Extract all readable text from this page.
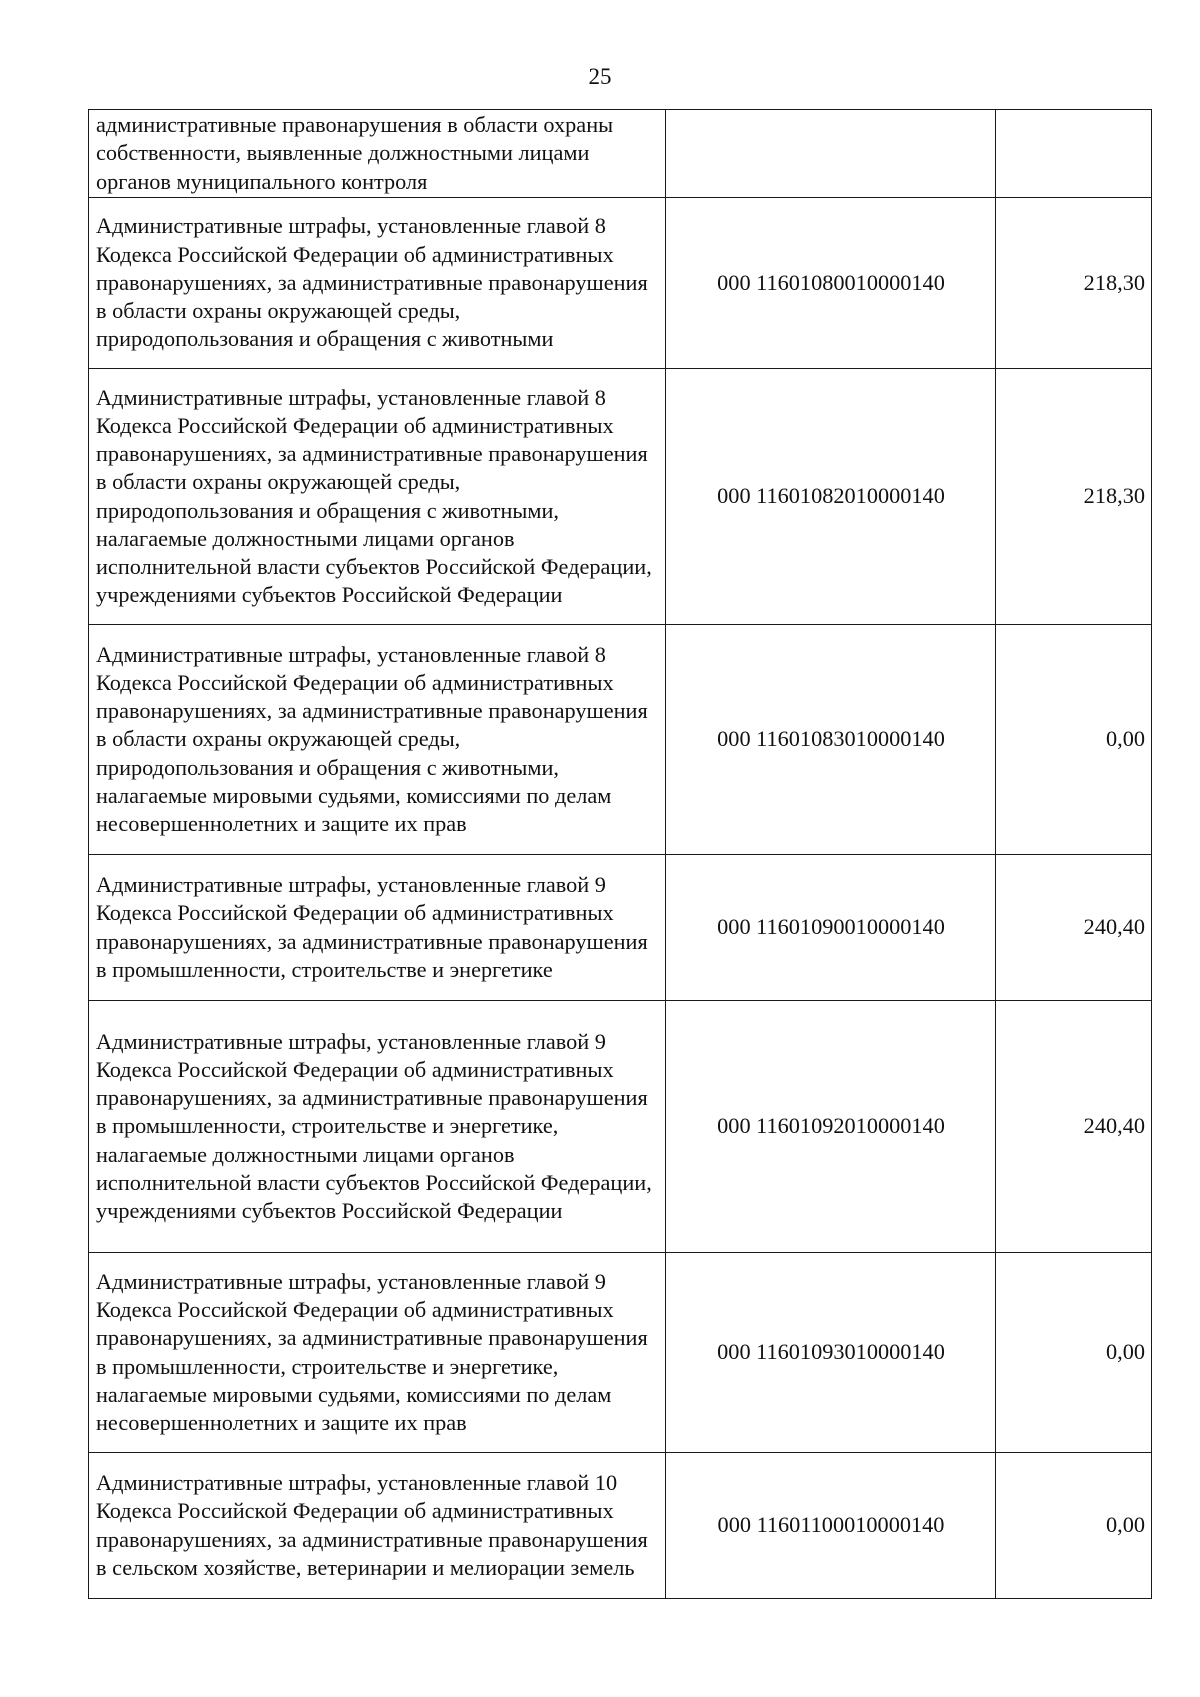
25
административные правонарушения в области охраны собственности, выявленные должностными лицами органов муниципального контроля		

Административные штрафы, установленные главой 8 Кодекса Российской Федерации об административных правонарушениях, за административные правонарушения в области охраны окружающей среды, природопользования и обращения с животными	000 11601080010000140	218,30

Административные штрафы, установленные главой 8 Кодекса Российской Федерации об административных правонарушениях, за административные правонарушения в области охраны окружающей среды, природопользования и обращения с животными, налагаемые должностными лицами органов исполнительной власти субъектов Российской Федерации, учреждениями субъектов Российской Федерации	000 11601082010000140	218,30

Административные штрафы, установленные главой 8 Кодекса Российской Федерации об административных правонарушениях, за административные правонарушения в области охраны окружающей среды, природопользования и обращения с животными, налагаемые мировыми судьями, комиссиями по делам несовершеннолетних и защите их прав	000 11601083010000140	0,00

Административные штрафы, установленные главой 9 Кодекса Российской Федерации об административных правонарушениях, за административные правонарушения в промышленности, строительстве и энергетике	000 11601090010000140	240,40

Административные штрафы, установленные главой 9 Кодекса Российской Федерации об административных правонарушениях, за административные правонарушения в промышленности, строительстве и энергетике, налагаемые должностными лицами органов исполнительной власти субъектов Российской Федерации, учреждениями субъектов Российской Федерации	000 11601092010000140	240,40

Административные штрафы, установленные главой 9 Кодекса Российской Федерации об административных правонарушениях, за административные правонарушения в промышленности, строительстве и энергетике, налагаемые мировыми судьями, комиссиями по делам несовершеннолетних и защите их прав	000 11601093010000140	0,00

Административные штрафы, установленные главой 10 Кодекса Российской Федерации об административных правонарушениях, за административные правонарушения в сельском хозяйстве, ветеринарии и мелиорации земель	000 11601100010000140	0,00
